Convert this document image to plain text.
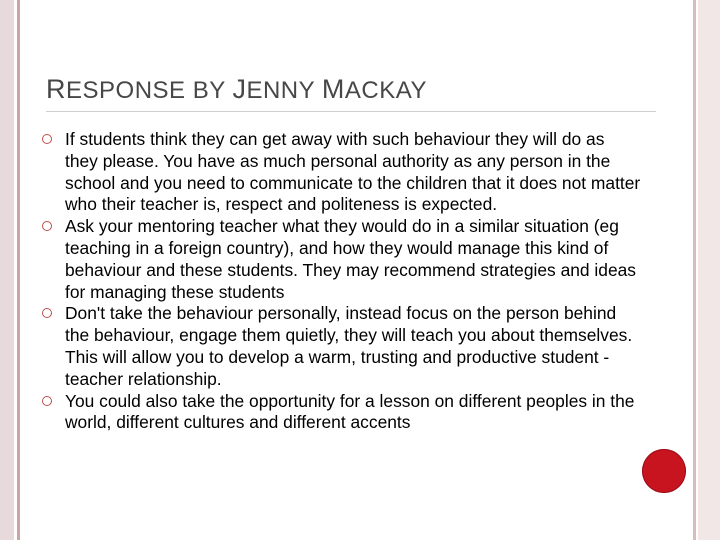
RESPONSE BY JENNY MACKAY
If students think they can get away with such behaviour they will do as they please. You have as much personal authority as any person in the school and you need to communicate to the children that it does not matter who their teacher is, respect and politeness is expected.
Ask your mentoring teacher what they would do in a similar situation (eg teaching in a foreign country), and how they would manage this kind of behaviour and these students. They may recommend strategies and ideas for managing these students
Don't take the behaviour personally, instead focus on the person behind the behaviour, engage them quietly, they will teach you about themselves. This will allow you to develop a warm, trusting and productive student - teacher relationship.
You could also take the opportunity for a lesson on different peoples in the world, different cultures and different accents
